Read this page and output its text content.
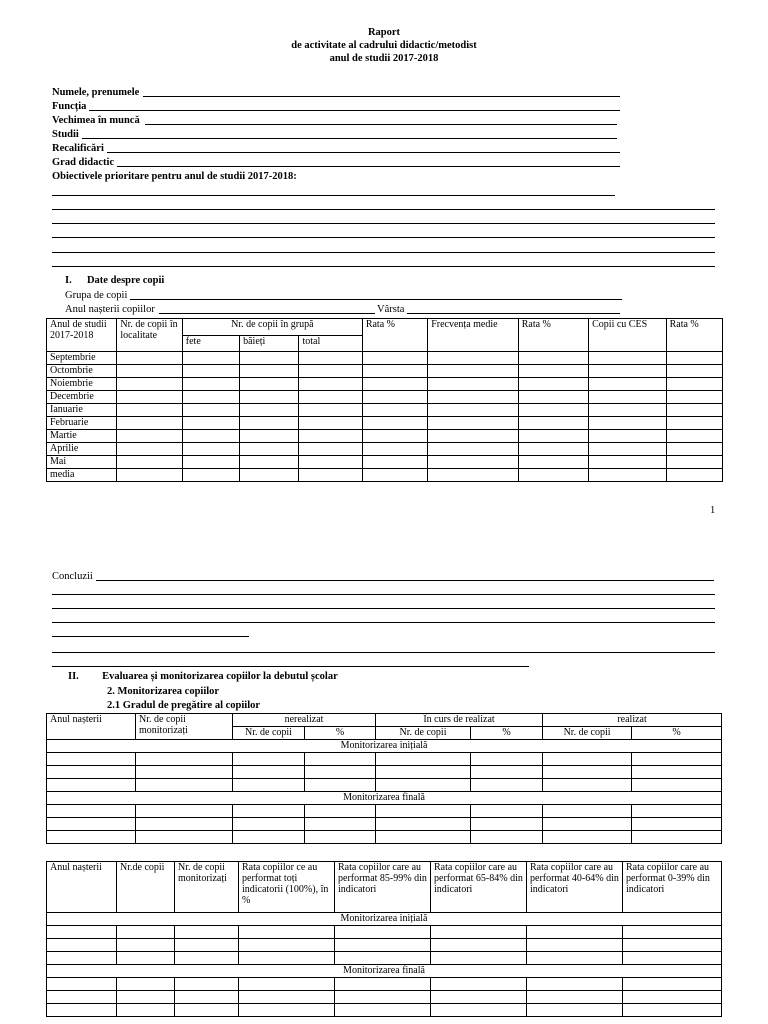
Raport
de activitate al cadrului didactic/metodist
anul de studii 2017-2018
Numele, prenumele
Funcția
Vechimea în muncă
Studii
Recalificări
Grad didactic
Obiectivele prioritare pentru anul de studii 2017-2018:
I. Date despre copii
Grupa de copii
Anul nașterii copiilor	Vârsta
Anul de studii 2017-2018	Nr. de copii în localitate	Nr. de copii în grupă			Rata %	Frecvența medie	Rata %	Copii cu CES	Rata %
		fete	băieți	total					
Septembrie									
Octombrie									
Noiembrie									
Decembrie									
Ianuarie									
Februarie									
Martie									
Aprilie									
Mai									
media									
1
Concluzii
II. Evaluarea și monitorizarea copiilor la debutul școlar
2. Monitorizarea copiilor
2.1 Gradul de pregătire al copiilor
Anul nașterii	Nr. de copii monitorizați	nerealizat		În curs de realizat		realizat	
		Nr. de copii	%	Nr. de copii	%	Nr. de copii	%
Monitorizarea inițială							

Monitorizarea finală							

Anul nașterii	Nr.de copii	Nr. de copii monitorizați	Rata copiilor ce au performat toți indicatorii (100%), în %	Rata copiilor care au performat 85-99% din indicatori	Rata copiilor care au performat 65-84% din indicatori	Rata copiilor care au performat 40-64% din indicatori	Rata copiilor care au performat 0-39% din indicatori
Monitorizarea inițială							

Monitorizarea finală							
